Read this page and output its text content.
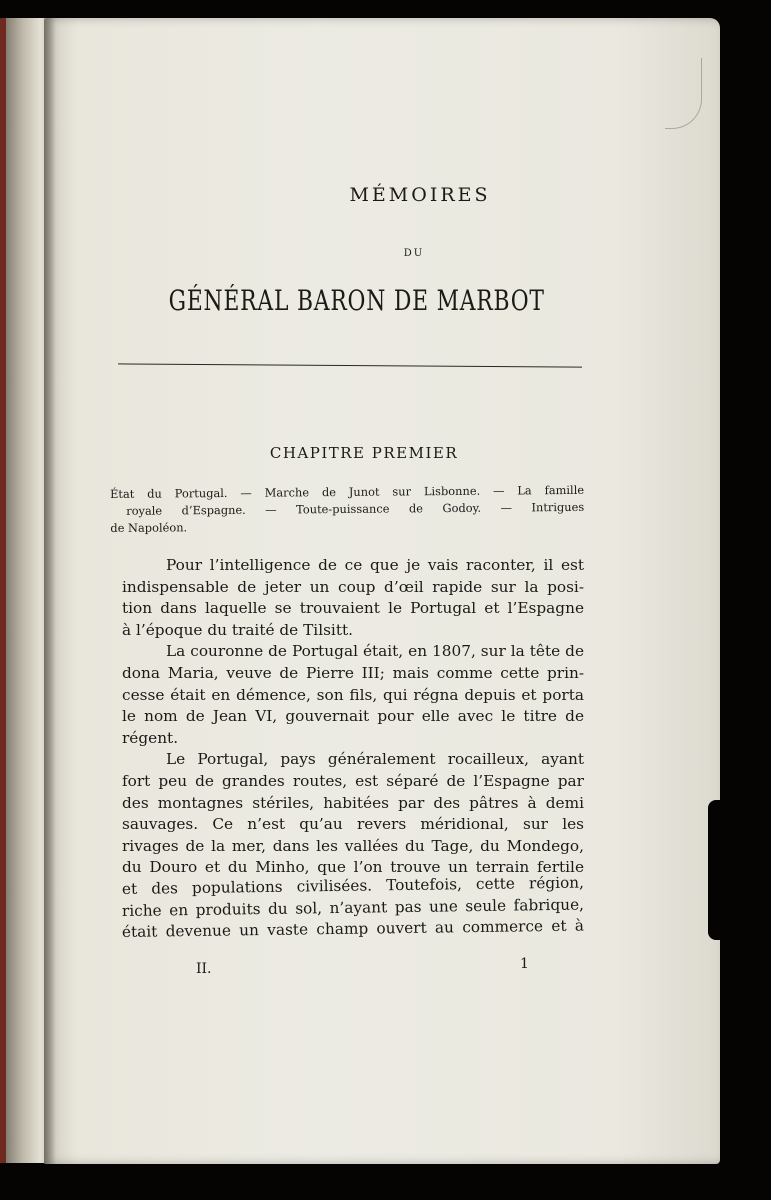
MÉMOIRES
DU
GÉNÉRAL BARON DE MARBOT
CHAPITRE PREMIER
État du Portugal. — Marche de Junot sur Lisbonne. — La famille
royale d’Espagne. — Toute-puissance de Godoy. — Intrigues
de Napoléon.
Pour l’intelligence de ce que je vais raconter, il est
indispensable de jeter un coup d’œil rapide sur la posi-
tion dans laquelle se trouvaient le Portugal et l’Espagne
à l’époque du traité de Tilsitt.
La couronne de Portugal était, en 1807, sur la tête de
dona Maria, veuve de Pierre III; mais comme cette prin-
cesse était en démence, son fils, qui régna depuis et porta
le nom de Jean VI, gouvernait pour elle avec le titre de
régent.
Le Portugal, pays généralement rocailleux, ayant
fort peu de grandes routes, est séparé de l’Espagne par
des montagnes stériles, habitées par des pâtres à demi
sauvages. Ce n’est qu’au revers méridional, sur les
rivages de la mer, dans les vallées du Tage, du Mondego,
du Douro et du Minho, que l’on trouve un terrain fertile
et des populations civilisées. Toutefois, cette région,
riche en produits du sol, n’ayant pas une seule fabrique,
était devenue un vaste champ ouvert au commerce et à
II.	1
